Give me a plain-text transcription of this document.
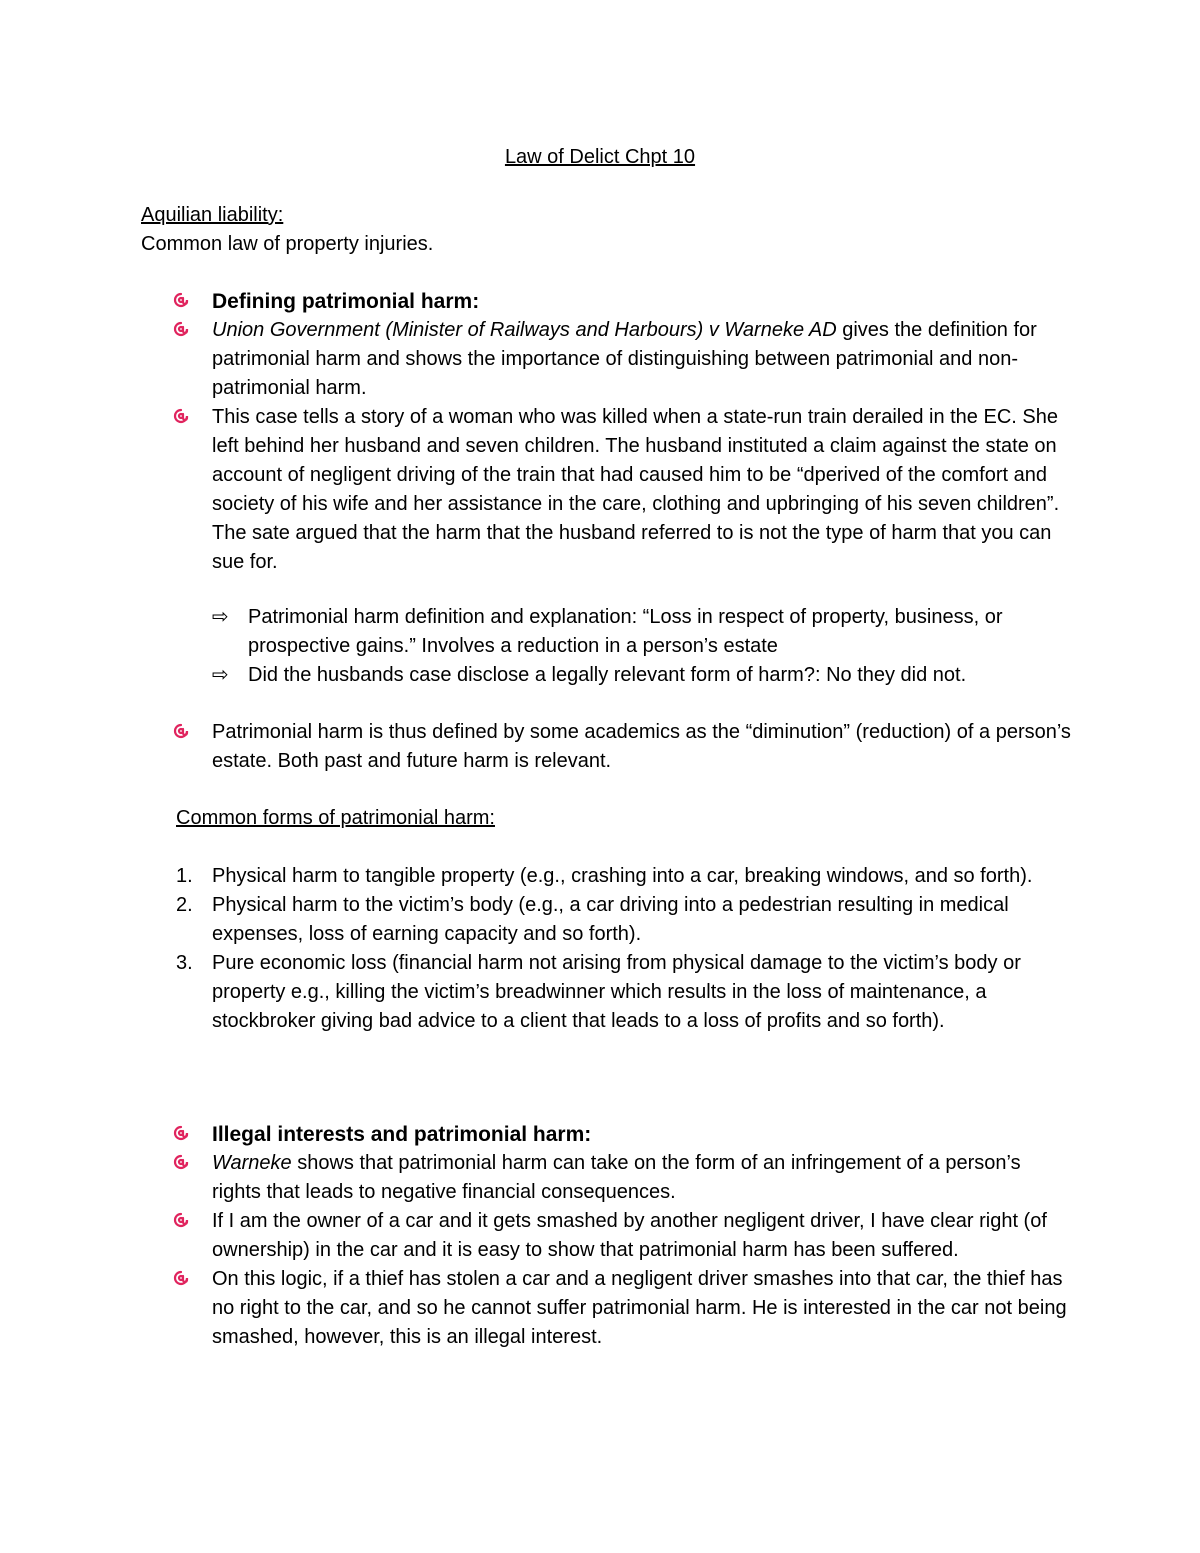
Law of Delict Chpt 10
Aquilian liability:
Common law of property injuries.
Defining patrimonial harm:
Union Government (Minister of Railways and Harbours) v Warneke AD gives the definition for patrimonial harm and shows the importance of distinguishing between patrimonial and non-patrimonial harm.
This case tells a story of a woman who was killed when a state-run train derailed in the EC. She left behind her husband and seven children. The husband instituted a claim against the state on account of negligent driving of the train that had caused him to be “dperived of the comfort and society of his wife and her assistance in the care, clothing and upbringing of his seven children”. The sate argued that the harm that the husband referred to is not the type of harm that you can sue for.
⇨ Patrimonial harm definition and explanation: “Loss in respect of property, business, or prospective gains.” Involves a reduction in a person’s estate
⇨ Did the husbands case disclose a legally relevant form of harm?: No they did not.
Patrimonial harm is thus defined by some academics as the “diminution” (reduction) of a person’s estate. Both past and future harm is relevant.
Common forms of patrimonial harm:
1. Physical harm to tangible property (e.g., crashing into a car, breaking windows, and so forth).
2. Physical harm to the victim’s body (e.g., a car driving into a pedestrian resulting in medical expenses, loss of earning capacity and so forth).
3. Pure economic loss (financial harm not arising from physical damage to the victim’s body or property e.g., killing the victim’s breadwinner which results in the loss of maintenance, a stockbroker giving bad advice to a client that leads to a loss of profits and so forth).
Illegal interests and patrimonial harm:
Warneke shows that patrimonial harm can take on the form of an infringement of a person’s rights that leads to negative financial consequences.
If I am the owner of a car and it gets smashed by another negligent driver, I have clear right (of ownership) in the car and it is easy to show that patrimonial harm has been suffered.
On this logic, if a thief has stolen a car and a negligent driver smashes into that car, the thief has no right to the car, and so he cannot suffer patrimonial harm. He is interested in the car not being smashed, however, this is an illegal interest.
